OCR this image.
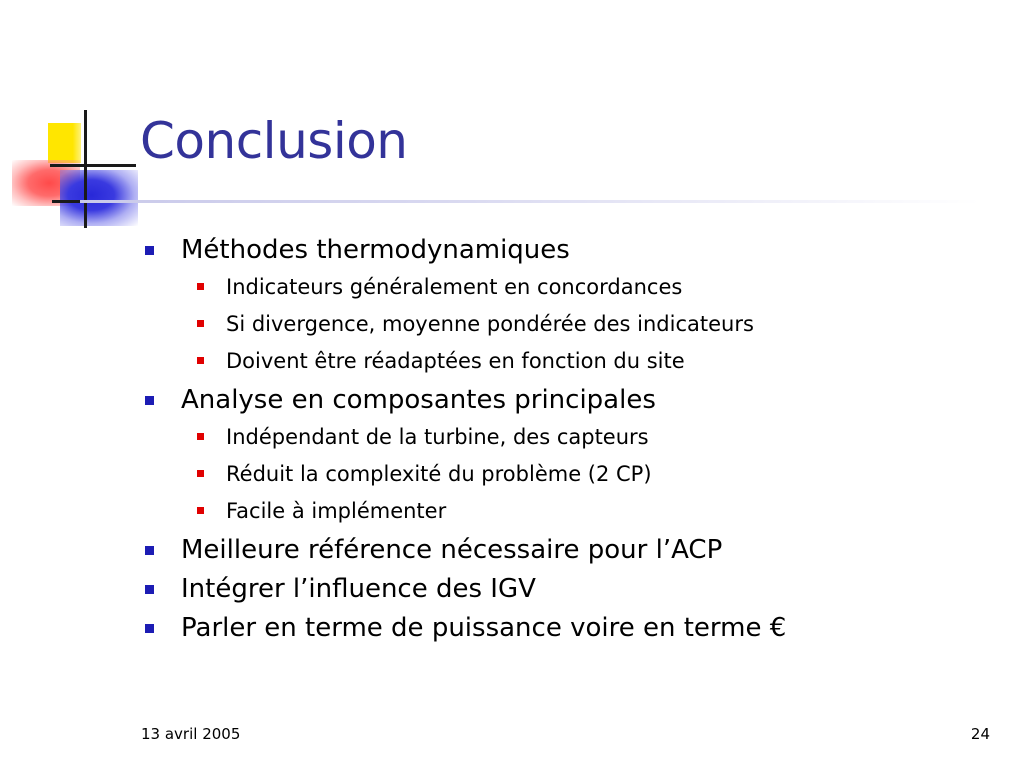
Conclusion
Méthodes thermodynamiques
Indicateurs généralement en concordances
Si divergence, moyenne pondérée des indicateurs
Doivent être réadaptées en fonction du site
Analyse en composantes principales
Indépendant de la turbine, des capteurs
Réduit la complexité du problème (2 CP)
Facile à implémenter
Meilleure référence nécessaire pour l’ACP
Intégrer l’influence des IGV
Parler en terme de puissance voire en terme €
13 avril 2005	24
